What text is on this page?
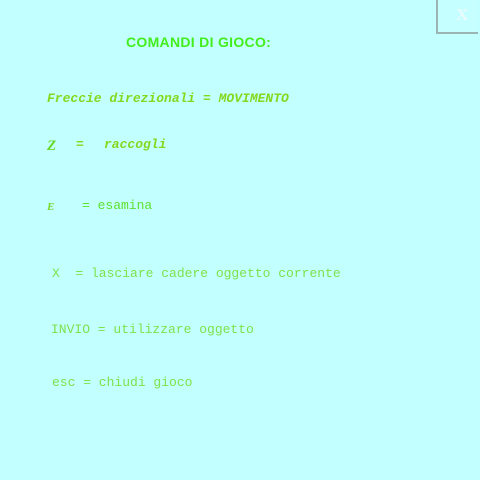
COMANDI DI GIOCO:
X
Freccie direzionali = MOVIMENTO
Z = raccogli
E = esamina
X  = lasciare cadere oggetto corrente
INVIO = utilizzare oggetto
esc = chiudi gioco
